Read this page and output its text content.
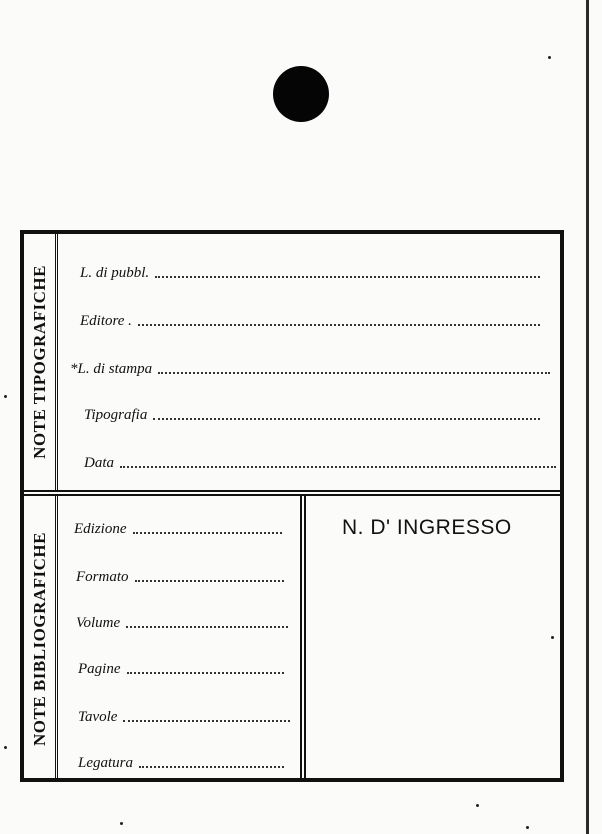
NOTE TIPOGRAFICHE L. di pubbl.
Editore .
*L. di stampa
Tipografia
Data
NOTE BIBLIOGRAFICHE
Edizione
Formato
Volume
Pagine
Tavole
Legatura
N. D' INGRESSO
